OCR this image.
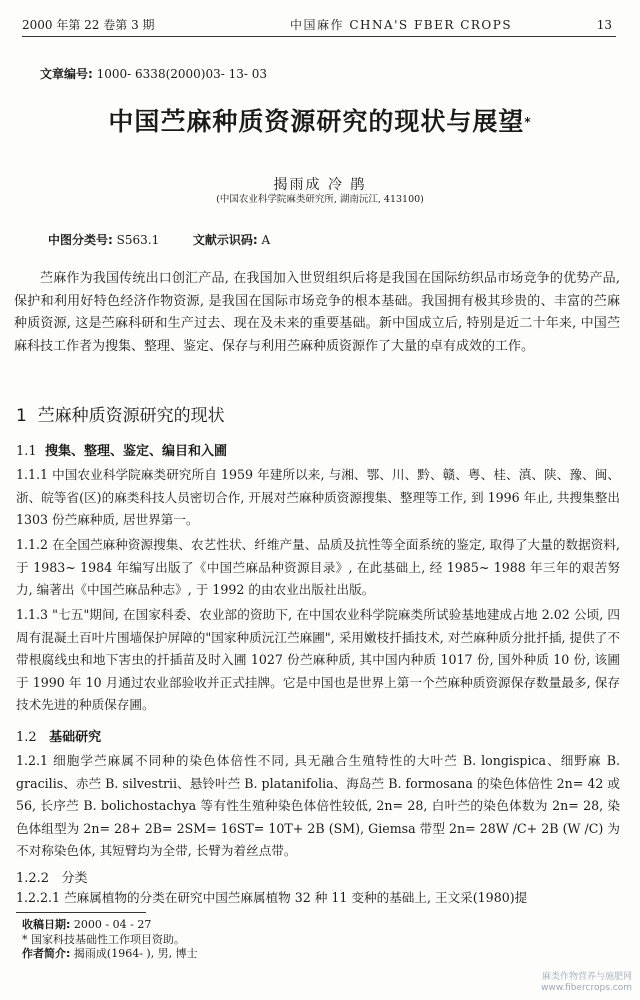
2000 年第 22 卷第 3 期	中国麻作 CHNA'S FBER CROPS	13
文章编号: 1000- 6338(2000)03- 13- 03
中国苎麻种质资源研究的现状与展望*
揭雨成 冷 鹃
(中国农业科学院麻类研究所, 湖南沅江, 413100)
中图分类号: S563.1	文献示识码: A

苎麻作为我国传统出口创汇产品, 在我国加入世贸组织后将是我国在国际纺织品市场竞争的优势产品, 保护和利用好特色经济作物资源, 是我国在国际市场竞争的根本基础。我国拥有极其珍贵的、丰富的苎麻种质资源, 这是苎麻科研和生产过去、现在及未来的重要基础。新中国成立后, 特别是近二十年来, 中国苎麻科技工作者为搜集、整理、鉴定、保存与利用苎麻种质资源作了大量的卓有成效的工作。

1 苎麻种质资源研究的现状
1.1 搜集、整理、鉴定、编目和入圃
1.1.1 中国农业科学院麻类研究所自 1959 年建所以来, 与湘、鄂、川、黔、赣、粤、桂、滇、陕、豫、闽、浙、皖等省(区)的麻类科技人员密切合作, 开展对苎麻种质资源搜集、整理等工作, 到 1996 年止, 共搜集整出 1303 份苎麻种质, 居世界第一。
1.1.2 在全国苎麻种资源搜集、农艺性状、纤维产量、品质及抗性等全面系统的鉴定, 取得了大量的数据资料, 于 1983~ 1984 年编写出版了《中国苎麻品种资源目录》, 在此基础上, 经 1985~ 1988 年三年的艰苦努力, 编著出《中国苎麻品种志》, 于 1992 的由农业出版社出版。
1.1.3 "七五"期间, 在国家科委、农业部的资助下, 在中国农业科学院麻类所试验基地建成占地 2.02 公顷, 四周有混凝土百叶片围墙保护屏障的"国家种质沅江苎麻圃", 采用嫩枝扦插技术, 对苎麻种质分批扦插, 提供了不带根腐线虫和地下害虫的扦插苗及时入圃 1027 份苎麻种质, 其中国内种质 1017 份, 国外种质 10 份, 该圃于 1990 年 10 月通过农业部验收并正式挂牌。它是中国也是世界上第一个苎麻种质资源保存数量最多, 保存技术先进的种质保存圃。
1.2 基础研究
1.2.1 细胞学苎麻属不同种的染色体倍性不同, 具无融合生殖特性的大叶苎 B. longispica、细野麻 B. gracilis、赤苎 B. silvestrii、悬铃叶苎 B. platanifolia、海岛苎 B. formosana 的染色体倍性 2n= 42 或 56, 长序苎 B. bolichostachya 等有性生殖种染色体倍性较低, 2n= 28, 白叶苎的染色体数为 2n= 28, 染色体组型为 2n= 28+ 2B= 2SM= 16ST= 10T+ 2B (SM), Giemsa 带型 2n= 28W /C+ 2B (W /C) 为不对称染色体, 其短臂均为全带, 长臂为着丝点带。
1.2.2 分类
1.2.2.1 苎麻属植物的分类在研究中国苎麻属植物 32 种 11 变种的基础上, 王文采(1980)提
收稿日期: 2000 - 04 - 27
* 国家科技基础性工作项目资助。
作者简介: 揭雨成(1964- ), 男, 博士
麻类作物营养与施肥网
www.fibercrops.com
